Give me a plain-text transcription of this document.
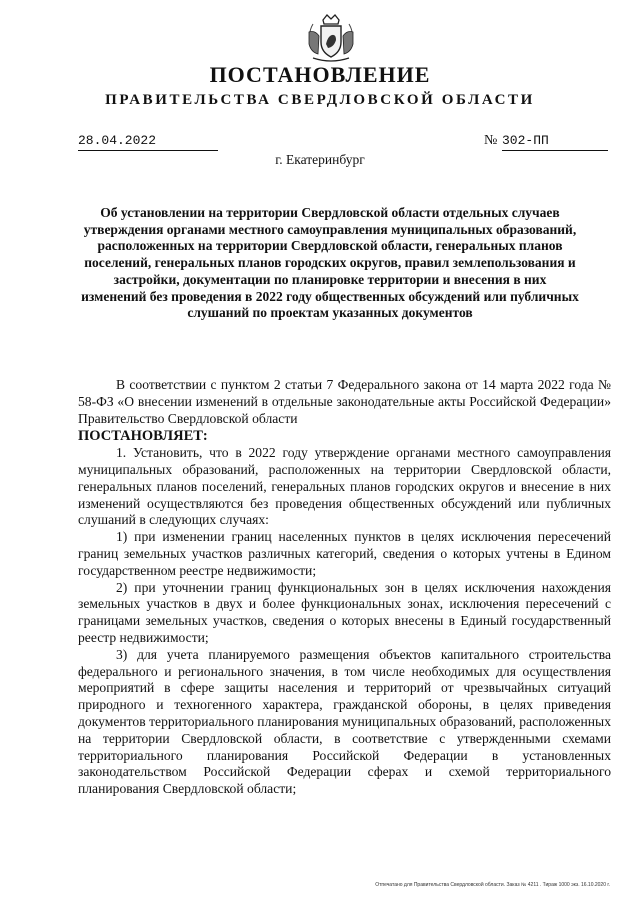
ПОСТАНОВЛЕНИЕ
ПРАВИТЕЛЬСТВА СВЕРДЛОВСКОЙ ОБЛАСТИ
28.04.2022	№ 302-ПП
г. Екатеринбург
Об установлении на территории Свердловской области отдельных случаев утверждения органами местного самоуправления муниципальных образований, расположенных на территории Свердловской области, генеральных планов поселений, генеральных планов городских округов, правил землепользования и застройки, документации по планировке территории и внесения в них изменений без проведения в 2022 году общественных обсуждений или публичных слушаний по проектам указанных документов

В соответствии с пунктом 2 статьи 7 Федерального закона от 14 марта 2022 года № 58-ФЗ «О внесении изменений в отдельные законодательные акты Российской Федерации» Правительство Свердловской области

ПОСТАНОВЛЯЕТ:

1. Установить, что в 2022 году утверждение органами местного самоуправления муниципальных образований, расположенных на территории Свердловской области, генеральных планов поселений, генеральных планов городских округов и внесение в них изменений осуществляются без проведения общественных обсуждений или публичных слушаний в следующих случаях:

1) при изменении границ населенных пунктов в целях исключения пересечений границ земельных участков различных категорий, сведения о которых учтены в Едином государственном реестре недвижимости;

2) при уточнении границ функциональных зон в целях исключения нахождения земельных участков в двух и более функциональных зонах, исключения пересечений с границами земельных участков, сведения о которых внесены в Единый государственный реестр недвижимости;

3) для учета планируемого размещения объектов капитального строительства федерального и регионального значения, в том числе необходимых для осуществления мероприятий в сфере защиты населения и территорий от чрезвычайных ситуаций природного и техногенного характера, гражданской обороны, в целях приведения документов территориального планирования муниципальных образований, расположенных на территории Свердловской области, в соответствие с утвержденными схемами территориального планирования Российской Федерации в установленных законодательством Российской Федерации сферах и схемой территориального планирования Свердловской области;

Отпечатано для Правительства Свердловской области. Заказ № 4211 . Тираж 1000 экз. 16.10.2020 г.
